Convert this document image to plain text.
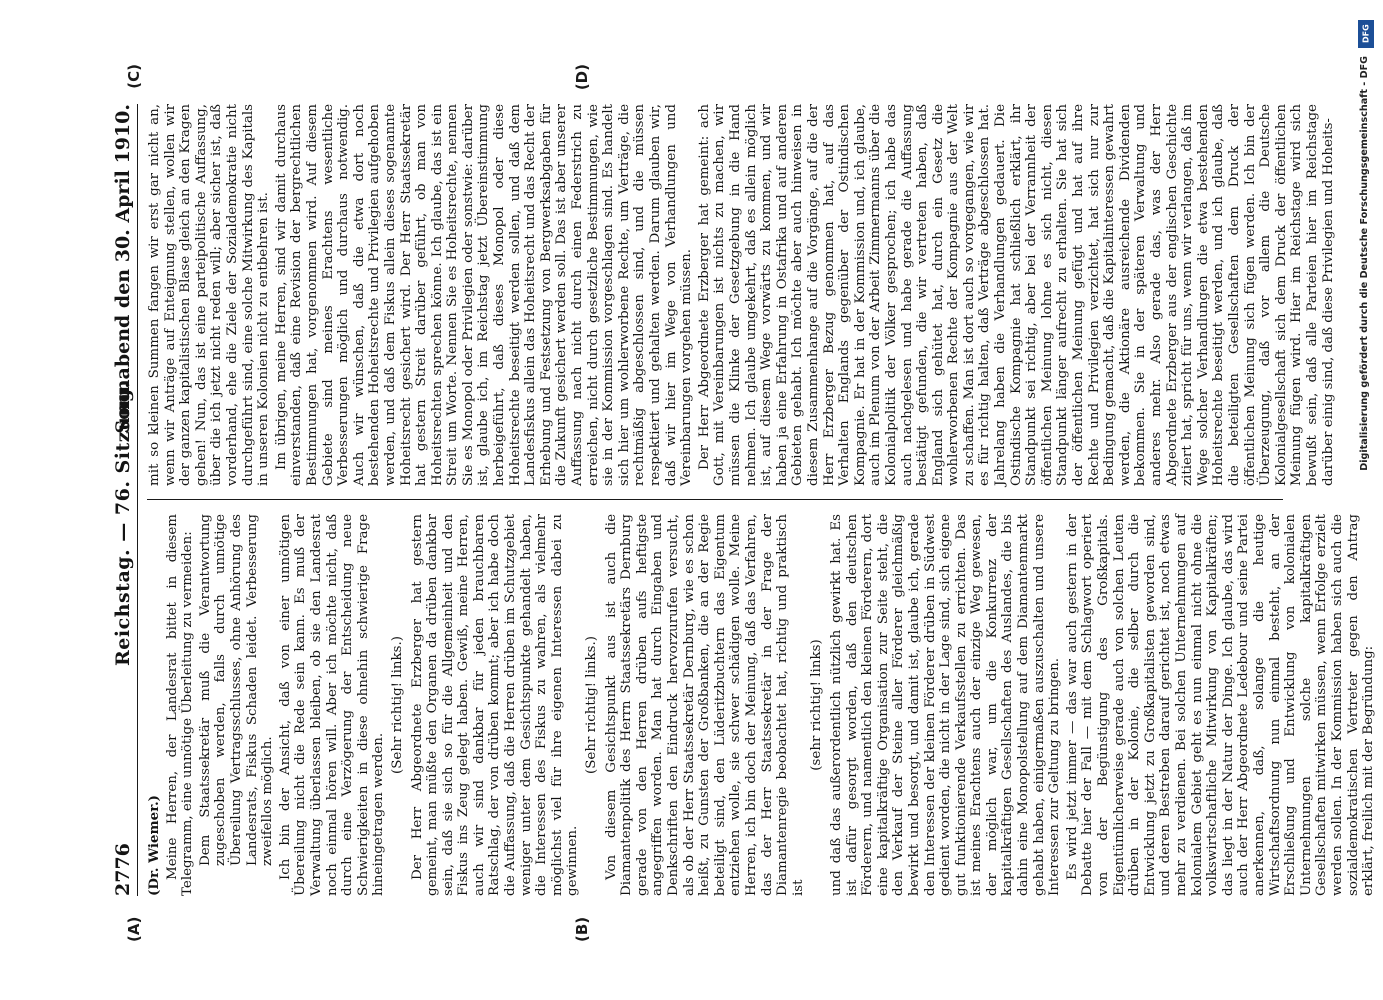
2776
Reichstag. — 76. Sitzung.
Sonnabend den 30. April 1910.
(A)	(B)
(C)	(D)

(Dr. Wiemer.) Meine Herren, der Landesrat bittet in diesem Telegramm, eine unnötige Überleitung zu vermeiden: Dem Staatssekretär muß die Verantwortung zugeschoben werden, falls durch unnötige Übereilung Vertragsschlusses, ohne Anhörung des Landesrats, Fiskus Schaden leidet. Verbesserung zweifellos möglich. Ich bin der Ansicht, daß von einer unnötigen Übereilung nicht die Rede sein kann. Es muß der Verwaltung überlassen bleiben, ob sie den Landesrat noch einmal hören will. Aber ich möchte nicht, daß durch eine Verzögerung der Entscheidung neue Schwierigkeiten in diese ohnehin schwierige Frage hineingetragen werden.

(Sehr richtig! links.) Der Herr Abgeordnete Erzberger hat gestern gemeint, man müßte den Organen da drüben dankbar sein, daß sie sich so für die Allgemeinheit und den Fiskus ins Zeug gelegt haben. Gewiß, meine Herren, auch wir sind dankbar für jeden brauchbaren Ratschlag, der von drüben kommt; aber ich habe doch die Auffassung, daß die Herren drüben im Schutzgebiet weniger unter dem Gesichtspunkte gehandelt haben, die Interessen des Fiskus zu wahren, als vielmehr möglichst viel für ihre eigenen Interessen dabei zu gewinnen.

(Sehr richtig! links.) Von diesem Gesichtspunkt aus ist auch die Diamantenpolitik des Herrn Staatssekretärs Dernburg gerade von den Herren drüben aufs heftigste angegriffen worden. Man hat durch Eingaben und Denkschriften den Eindruck hervorzurufen versucht, als ob der Herr Staatssekretär Dernburg, wie es schon heißt, zu Gunsten der Großbanken, die an der Regie beteiligt sind, den Lüderitzbuchtern das Eigentum entziehen wolle, sie schwer schädigen wolle. Meine Herren, ich bin doch der Meinung, daß das Verfahren, das der Herr Staatssekretär in der Frage der Diamantenregie beobachtet hat, richtig und praktisch ist

(sehr richtig! links) und daß das außerordentlich nützlich gewirkt hat. Es ist dafür gesorgt worden, daß den deutschen Förderern, und namentlich den kleinen Förderern, dort eine kapitalkräftige Organisation zur Seite steht, die den Verkauf der Steine aller Förderer gleichmäßig bewirkt und besorgt, und damit ist, glaube ich, gerade den Interessen der kleinen Förderer drüben in Südwest gedient worden, die nicht in der Lage sind, sich eigene gut funktionierende Verkaufsstellen zu errichten. Das ist meines Erachtens auch der einzige Weg gewesen, der möglich war, um die Konkurrenz der kapitalkräftigen Gesellschaften des Auslandes, die bis dahin eine Monopolstellung auf dem Diamantenmarkt gehabt haben, einigermaßen auszuschalten und unsere Interessen zur Geltung zu bringen. Es wird jetzt immer — das war auch gestern in der Debatte hier der Fall — mit dem Schlagwort operiert von der Begünstigung des Großkapitals. Eigentümlicherweise gerade auch von solchen Leuten drüben in der Kolonie, die selber durch die Entwicklung jetzt zu Großkapitalisten geworden sind, und deren Bestreben darauf gerichtet ist, noch etwas mehr zu verdienen. Bei solchen Unternehmungen auf kolonialem Gebiet geht es nun einmal nicht ohne die volkswirtschaftliche Mitwirkung von Kapitalkräften; das liegt in der Natur der Dinge. Ich glaube, das wird auch der Herr Abgeordnete Ledebour und seine Partei anerkennen, daß, solange die heutige Wirtschaftsordnung nun einmal besteht, an der Erschließung und Entwicklung von kolonialen Unternehmungen solche kapitalkräftigen Gesellschaften mitwirken müssen, wenn Erfolge erzielt werden sollen. In der Kommission haben sich auch die sozialdemokratischen Vertreter gegen den Antrag erklärt, freilich mit der Begründung:

mit so kleinen Summen fangen wir erst gar nicht an, wenn wir Anträge auf Enteignung stellen, wollen wir der ganzen kapitalistischen Blase gleich an den Kragen gehen! Nun, das ist eine parteipolitische Auffassung, über die ich jetzt nicht reden will; aber sicher ist, daß vorderhand, ehe die Ziele der Sozialdemokratie nicht durchgeführt sind, eine solche Mitwirkung des Kapitals in unseren Kolonien nicht zu entbehren ist. Im übrigen, meine Herren, sind wir damit durchaus einverstanden, daß eine Revision der bergrechtlichen Bestimmungen hat, vorgenommen wird. Auf diesem Gebiete sind meines Erachtens wesentliche Verbesserungen möglich und durchaus notwendig. Auch wir wünschen, daß die etwa dort noch bestehenden Hoheitsrechte und Privilegien aufgehoben werden, und daß dem Fiskus allein dieses sogenannte Hoheitsrecht gesichert wird. Der Herr Staatssekretär hat gestern Streit darüber geführt, ob man von Hoheitsrechten sprechen könne. Ich glaube, das ist ein Streit um Worte. Nennen Sie es Hoheitsrechte, nennen Sie es Monopol oder Privilegien oder sonstwie: darüber ist, glaube ich, im Reichstag jetzt Übereinstimmung herbeigeführt, daß dieses Monopol oder diese Hoheitsrechte beseitigt werden sollen, und daß dem Landesfiskus allein das Hoheitsrecht und das Recht der Erhebung und Festsetzung von Bergwerksabgaben für die Zukunft gesichert werden soll. Das ist aber unserer Auffassung nach nicht durch einen Federstrich zu erreichen, nicht durch gesetzliche Bestimmungen, wie sie in der Kommission vorgeschlagen sind. Es handelt sich hier um wohlerworbene Rechte, um Verträge, die rechtmäßig abgeschlossen sind, und die müssen respektiert und gehalten werden. Darum glauben wir, daß wir hier im Wege von Verhandlungen und Vereinbarungen vorgehen müssen. Der Herr Abgeordnete Erzberger hat gemeint: ach Gott, mit Vereinbarungen ist nichts zu machen, wir müssen die Klinke der Gesetzgebung in die Hand nehmen. Ich glaube umgekehrt, daß es allein möglich ist, auf diesem Wege vorwärts zu kommen, und wir haben ja eine Erfahrung in Ostafrika und auf anderen Gebieten gehabt. Ich möchte aber auch hinweisen in diesem Zusammenhange auf die Vorgänge, auf die der Herr Erzberger Bezug genommen hat, auf das Verhalten Englands gegenüber der Ostindischen Kompagnie. Er hat in der Kommission und, ich glaube, auch im Plenum von der Arbeit Zimmermanns über die Kolonialpolitik der Völker gesprochen; ich habe das auch nachgelesen und habe gerade die Auffassung bestätigt gefunden, die wir vertreten haben, daß England sich gehütet hat, durch ein Gesetz die wohlerworbenen Rechte der Kompagnie aus der Welt zu schaffen. Man ist dort auch so vorgegangen, wie wir es für richtig halten, daß Verträge abgeschlossen hat. Jahrelang haben die Verhandlungen gedauert. Die Ostindische Kompagnie hat schließlich erklärt, ihr Standpunkt sei richtig, aber bei der Verrannheit der öffentlichen Meinung lohne es sich nicht, diesen Standpunkt länger aufrecht zu erhalten. Sie hat sich der öffentlichen Meinung gefügt und hat auf ihre Rechte und Privilegien verzichtet, hat sich nur zur Bedingung gemacht, daß die Kapitalinteressen gewahrt werden, die Aktionäre ausreichende Dividenden bekommen. Sie in der späteren Verwaltung und anderes mehr. Also gerade das, was der Herr Abgeordnete Erzberger aus der englischen Geschichte zitiert hat, spricht für uns, wenn wir verlangen, daß im Wege solcher Verhandlungen die etwa bestehenden Hoheitsrechte beseitigt werden, und ich glaube, daß die beteiligten Gesellschaften dem Druck der öffentlichen Meinung sich fügen werden. Ich bin der Überzeugung, daß vor allem die Deutsche Kolonialgesellschaft sich dem Druck der öffentlichen Meinung fügen wird. Hier im Reichstage wird sich bewußt sein, daß alle Parteien hier im Reichstage darüber einig sind, daß diese Privilegien und Hoheits-

DFG
Digitalisierung gefördert durch die Deutsche Forschungsgemeinschaft - DFG
